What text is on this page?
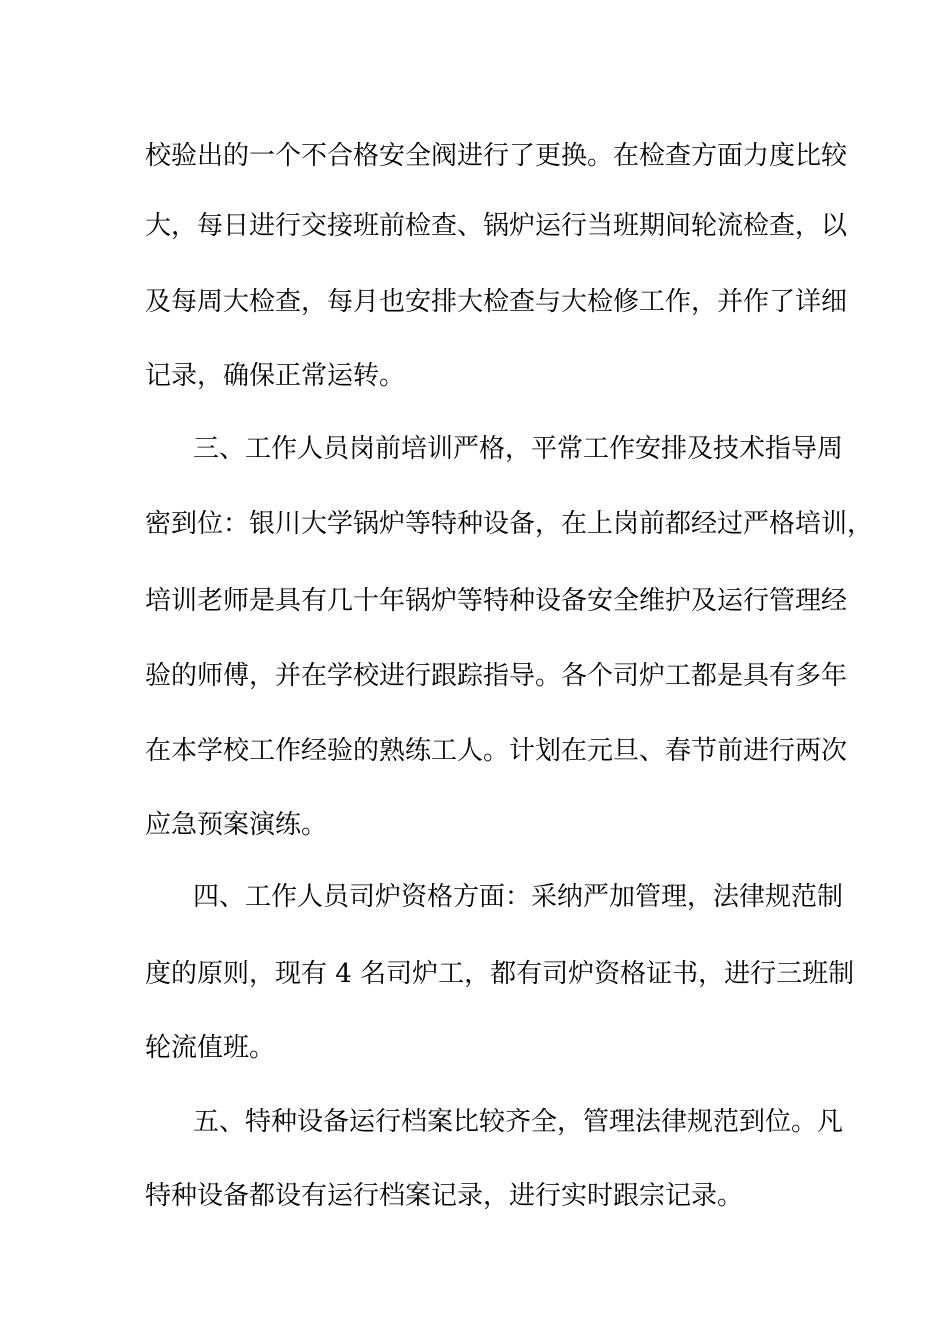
校验出的一个不合格安全阀进行了更换。在检查方面力度比较
大，每日进行交接班前检查、锅炉运行当班期间轮流检查，以
及每周大检查，每月也安排大检查与大检修工作，并作了详细
记录，确保正常运转。
三、工作人员岗前培训严格，平常工作安排及技术指导周
密到位：银川大学锅炉等特种设备，在上岗前都经过严格培训，
培训老师是具有几十年锅炉等特种设备安全维护及运行管理经
验的师傅，并在学校进行跟踪指导。各个司炉工都是具有多年
在本学校工作经验的熟练工人。计划在元旦、春节前进行两次
应急预案演练。
四、工作人员司炉资格方面：采纳严加管理，法律规范制
度的原则，现有 4 名司炉工，都有司炉资格证书，进行三班制
轮流值班。
五、特种设备运行档案比较齐全，管理法律规范到位。凡
特种设备都设有运行档案记录，进行实时跟宗记录。
